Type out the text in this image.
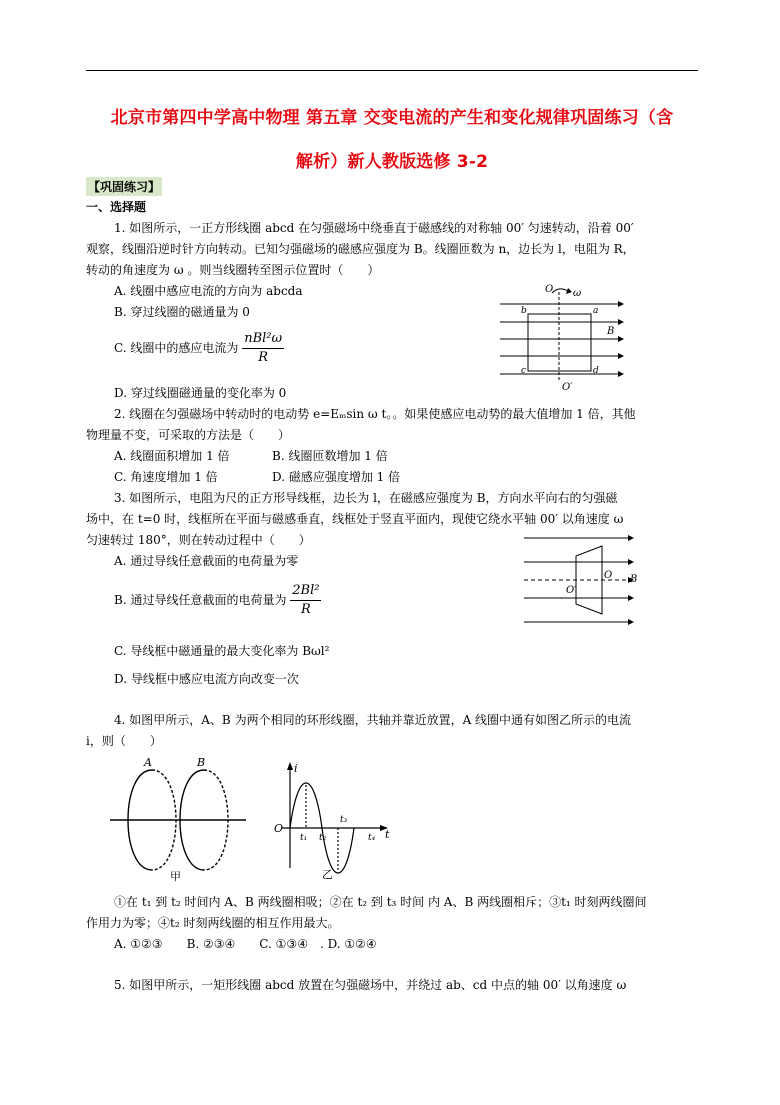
北京市第四中学高中物理 第五章 交变电流的产生和变化规律巩固练习（含
解析）新人教版选修 3-2
【巩固练习】
一、选择题
1. 如图所示，一正方形线圈 abcd 在匀强磁场中绕垂直于磁感线的对称轴 00′ 匀速转动，沿着 00′
观察，线圈沿逆时针方向转动。已知匀强磁场的磁感应强度为 B。线圈匝数为 n，边长为 l，电阻为 R，
转动的角速度为 ω 。则当线圈转至图示位置时（　　）
A. 线圈中感应电流的方向为 abcda
B. 穿过线圈的磁通量为 0
C. 线圈中的感应电流为 $\frac{\text{nBl²ω}}{R}$
D. 穿过线圈磁通量的变化率为 0
O ω
b	a
B
c	d
O′
2. 线圈在匀强磁场中转动时的电动势 e=Eₘsin ω t。。如果使感应电动势的最大值增加 1 倍，其他
物理量不变，可采取的方法是（　　）
A. 线圈面积增加 1 倍	B. 线圈匝数增加 1 倍
C. 角速度增加 1 倍	D. 磁感应强度增加 1 倍
3. 如图所示，电阻为尺的正方形导线框，边长为 l，在磁感应强度为 B，方向水平向右的匀强磁
场中，在 t=0 时，线框所在平面与磁感垂直，线框处于竖直平面内，现使它绕水平轴 00′ 以角速度 ω
匀速转过 180°，则在转动过程中（　　）
A. 通过导线任意截面的电荷量为零
B. 通过导线任意截面的电荷量为 $\frac{\text{2Bl²}}{R}$
C. 导线框中磁通量的最大变化率为 Bωl²
D. 导线框中感应电流方向改变一次
O B
O′
4. 如图甲所示，A、B 为两个相同的环形线圈，共轴并靠近放置，A 线圈中通有如图乙所示的电流
i，则（　　）
A	B
甲
i
O	t
t₁ t₂
t₃
t₄
乙
①在 t₁ 到 t₂ 时间内 A、B 两线圈相吸；②在 t₂ 到 t₃ 时间 内 A、B 两线圈相斥；③t₁ 时刻两线圈间
作用力为零；④t₂ 时刻两线圈的相互作用最大。
A. ①②③　　B. ②③④　　C. ①③④　. D. ①②④
5. 如图甲所示，一矩形线圈 abcd 放置在匀强磁场中，并绕过 ab、cd 中点的轴 00′ 以角速度 ω
